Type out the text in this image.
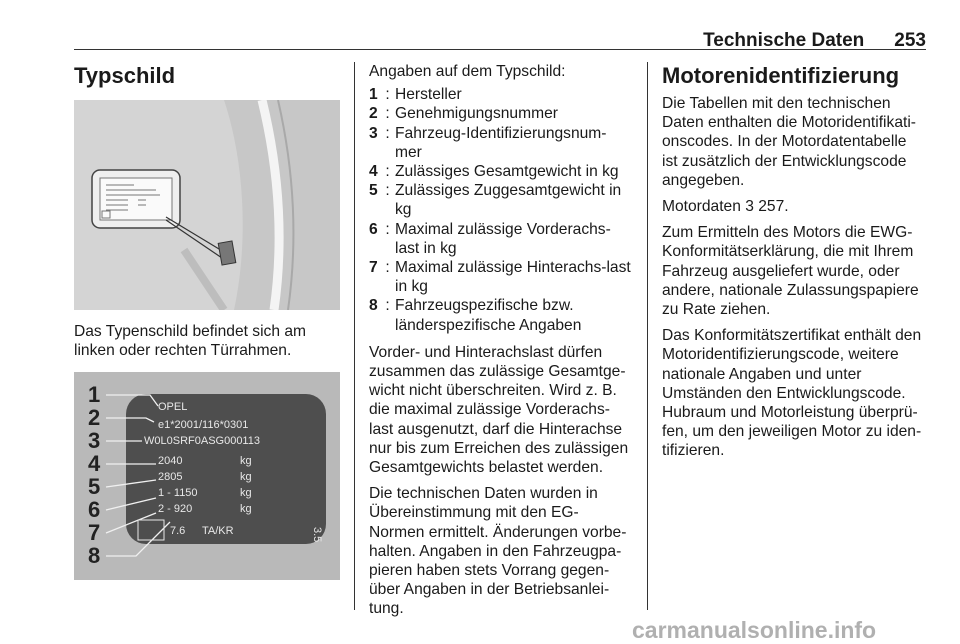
Technische Daten 253
Typschild

Das Typenschild befindet sich am linken oder rechten Türrahmen.

1
2
3
4
5
6
7
8
OPEL
e1*2001/116*0301
W0L0SRF0ASG000113
2040
2805
1 - 1150
2 - 920
7.6 TA/KR
kg
kg
kg
kg
3.5

Angaben auf dem Typschild:

1 : Hersteller
2 : Genehmigungsnummer
3 : Fahrzeug-Identifizierungsnum‐mer
4 : Zulässiges Gesamtgewicht in kg
5 : Zulässiges Zuggesamtgewicht in kg
6 : Maximal zulässige Vorderachs‐last in kg
7 : Maximal zulässige Hinterachs‐last in kg
8 : Fahrzeugspezifische bzw. länderspezifische Angaben

Vorder- und Hinterachslast dürfen zusammen das zulässige Gesamtge‐wicht nicht überschreiten. Wird z. B. die maximal zulässige Vorderachs‐last ausgenutzt, darf die Hinterachse nur bis zum Erreichen des zulässigen Gesamtgewichts belastet werden.

Die technischen Daten wurden in Übereinstimmung mit den EG-Normen ermittelt. Änderungen vorbe‐halten. Angaben in den Fahrzeugpa‐pieren haben stets Vorrang gegen‐über Angaben in der Betriebsanlei‐tung.

Motorenidentifizierung

Die Tabellen mit den technischen Daten enthalten die Motoridentifikati‐onscodes. In der Motordatentabelle ist zusätzlich der Entwicklungscode angegeben.

Motordaten 3 257.

Zum Ermitteln des Motors die EWG-Konformitätserklärung, die mit Ihrem Fahrzeug ausgeliefert wurde, oder andere, nationale Zulassungspapiere zu Rate ziehen.

Das Konformitätszertifikat enthält den Motoridentifizierungscode, weitere nationale Angaben und unter Umständen den Entwicklungscode. Hubraum und Motorleistung überprü‐fen, um den jeweiligen Motor zu iden‐tifizieren.

carmanualsonline.info
